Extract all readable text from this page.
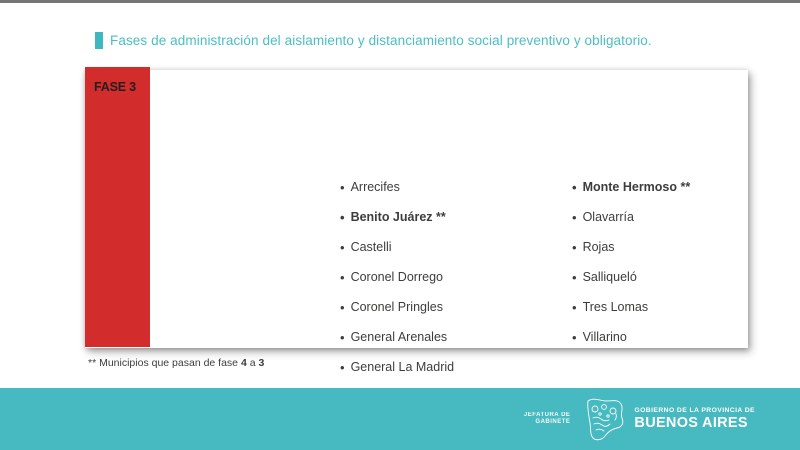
Fases de administración del aislamiento y distanciamiento social preventivo y obligatorio.
• Arrecifes
• Benito Juárez **
• Castelli
• Coronel Dorrego
• Coronel Pringles
• General Arenales
• General La Madrid
• Monte Hermoso **
• Olavarría
• Rojas
• Salliqueló
• Tres Lomas
• Villarino
FASE 3
** Municipios que pasan de fase 4 a 3
JEFATURA DE
GABINETE
GOBIERNO DE LA PROVINCIA DE
BUENOS AIRES
